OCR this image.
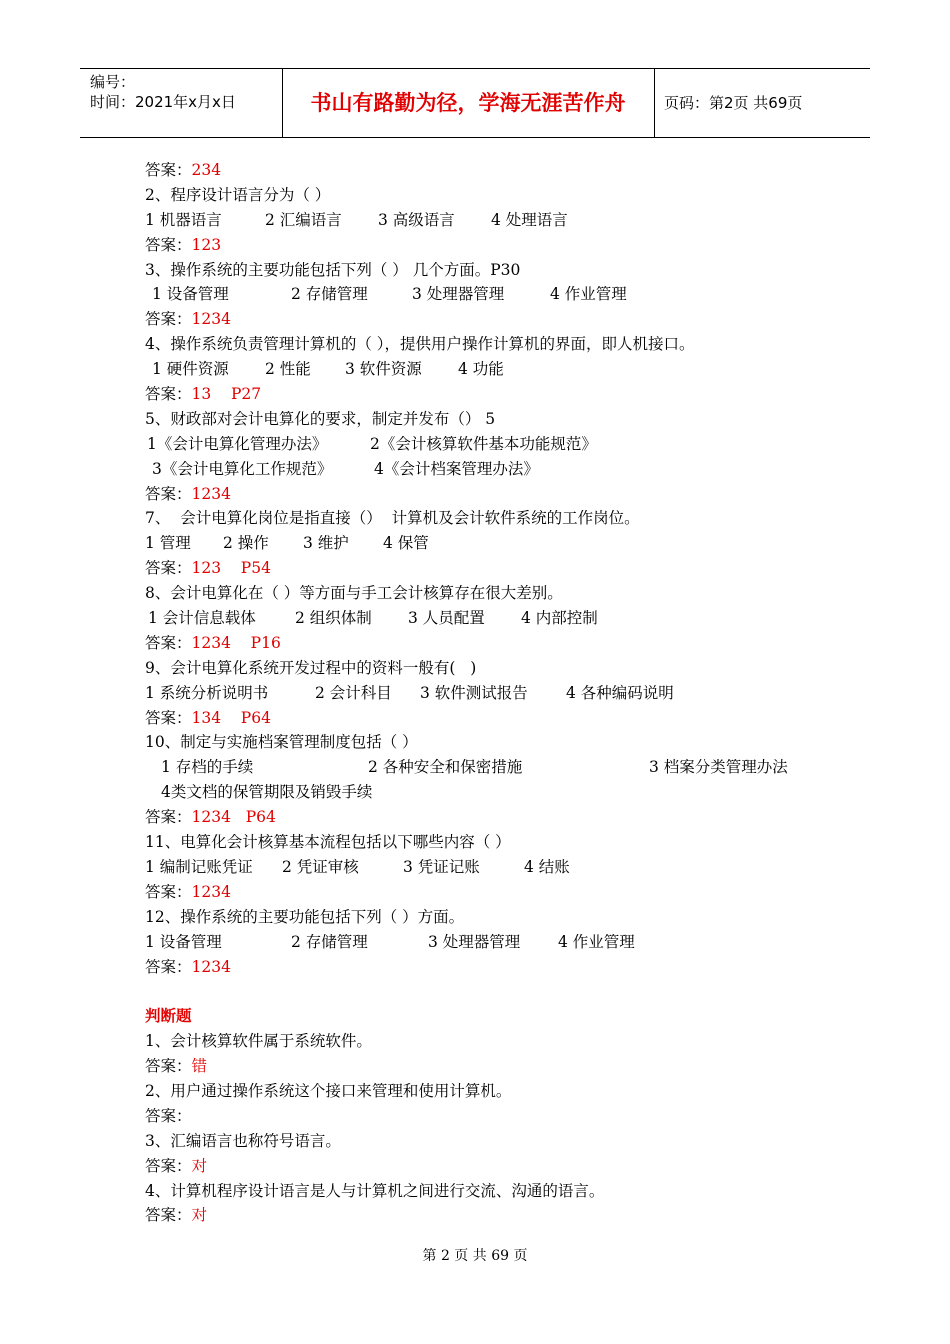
编号：
时间：2021年x月x日	书山有路勤为径，学海无涯苦作舟	页码：第2页 共69页
答案：234
2、程序设计语言分为（ ）
1 机器语言	2 汇编语言 3 高级语言 4 处理语言
答案：123
3、操作系统的主要功能包括下列（ ） 几个方面。P30
1 设备管理	2 存储管理	3 处理器管理	4 作业管理
答案：1234
4、操作系统负责管理计算机的（ ），提供用户操作计算机的界面，即人机接口。
1 硬件资源 2 性能 3 软件资源 4 功能
答案：13    P27
5、财政部对会计电算化的要求，制定并发布（） 5
1《会计电算化管理办法》	2《会计核算软件基本功能规范》
3《会计电算化工作规范》	4《会计档案管理办法》
答案：1234
7、  会计电算化岗位是指直接（）  计算机及会计软件系统的工作岗位。
1 管理 2 操作 3 维护 4 保管
答案：123    P54
8、会计电算化在（ ）等方面与手工会计核算存在很大差别。
1 会计信息载体	2 组织体制 3 人员配置 4 内部控制
答案：1234    P16
9、会计电算化系统开发过程中的资料一般有(   )
1 系统分析说明书	2 会计科目 3 软件测试报告 4 各种编码说明
答案：134    P64
10、制定与实施档案管理制度包括（ ）
1 存档的手续	2 各种安全和保密措施	3 档案分类管理办法
4类文档的保管期限及销毁手续
答案：1234   P64
11、电算化会计核算基本流程包括以下哪些内容（ ）
1 编制记账凭证 2 凭证审核	3 凭证记账	4 结账
答案：1234
12、操作系统的主要功能包括下列（ ）方面。
1 设备管理	2 存储管理	3 处理器管理 4 作业管理
答案：1234
判断题
1、会计核算软件属于系统软件。
答案：错
2、用户通过操作系统这个接口来管理和使用计算机。
答案：
3、汇编语言也称符号语言。
答案：对
4、计算机程序设计语言是人与计算机之间进行交流、沟通的语言。
答案：对
第 2 页 共 69 页
